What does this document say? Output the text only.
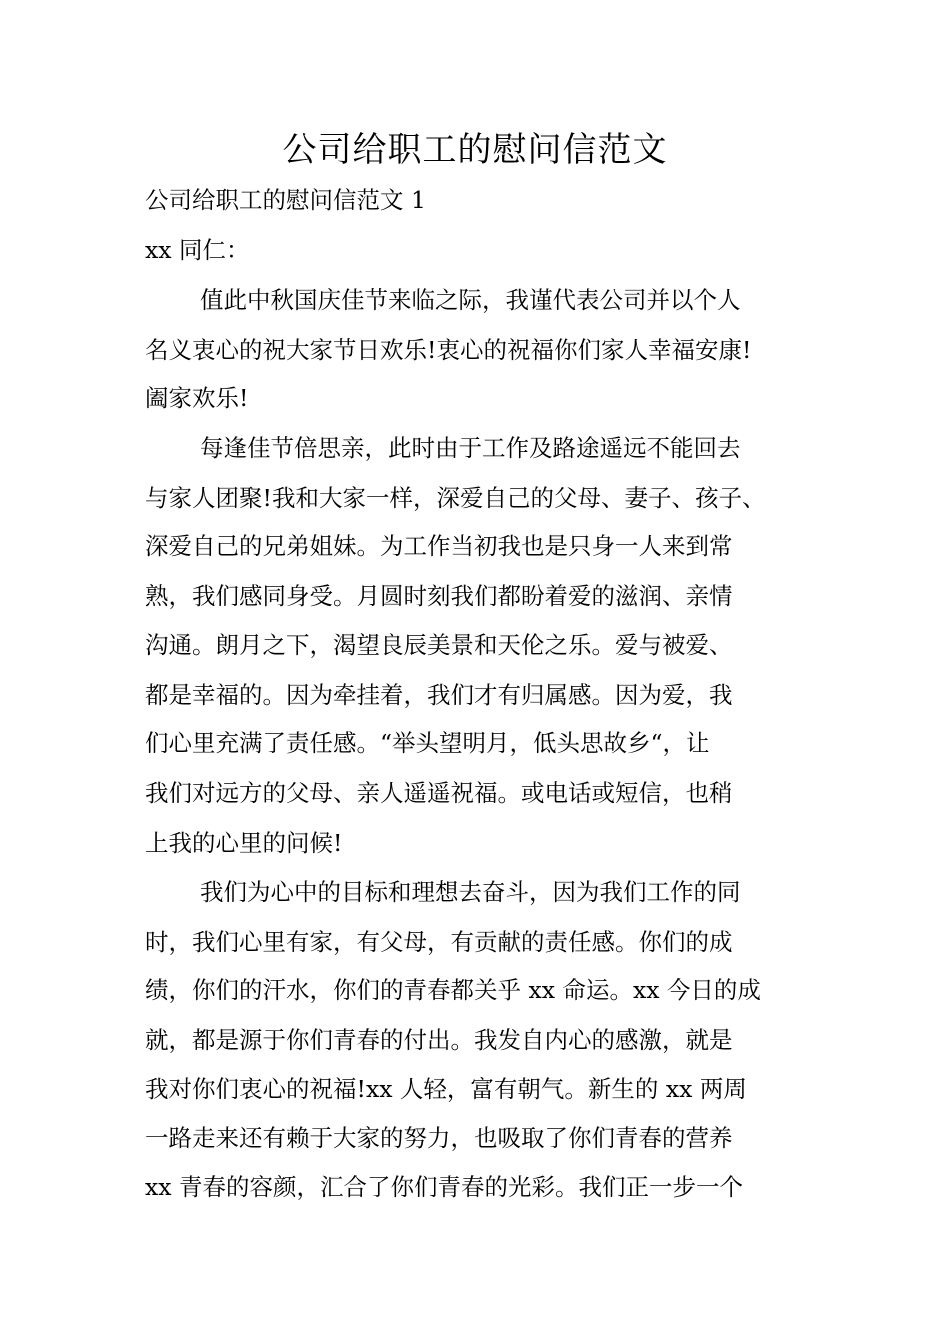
公司给职工的慰问信范文
公司给职工的慰问信范文 1
xx 同仁：
值此中秋国庆佳节来临之际，我谨代表公司并以个人
名义衷心的祝大家节日欢乐!衷心的祝福你们家人幸福安康!
阖家欢乐!
每逢佳节倍思亲，此时由于工作及路途遥远不能回去
与家人团聚!我和大家一样，深爱自己的父母、妻子、孩子、
深爱自己的兄弟姐妹。为工作当初我也是只身一人来到常
熟，我们感同身受。月圆时刻我们都盼着爱的滋润、亲情
沟通。朗月之下，渴望良辰美景和天伦之乐。爱与被爱、
都是幸福的。因为牵挂着，我们才有归属感。因为爱，我
们心里充满了责任感。“举头望明月，低头思故乡“，让
我们对远方的父母、亲人遥遥祝福。或电话或短信，也稍
上我的心里的问候!
我们为心中的目标和理想去奋斗，因为我们工作的同
时，我们心里有家，有父母，有贡献的责任感。你们的成
绩，你们的汗水，你们的青春都关乎 xx 命运。xx 今日的成
就，都是源于你们青春的付出。我发自内心的感激，就是
我对你们衷心的祝福!xx 人轻，富有朝气。新生的 xx 两周
一路走来还有赖于大家的努力，也吸取了你们青春的营养
xx 青春的容颜，汇合了你们青春的光彩。我们正一步一个
